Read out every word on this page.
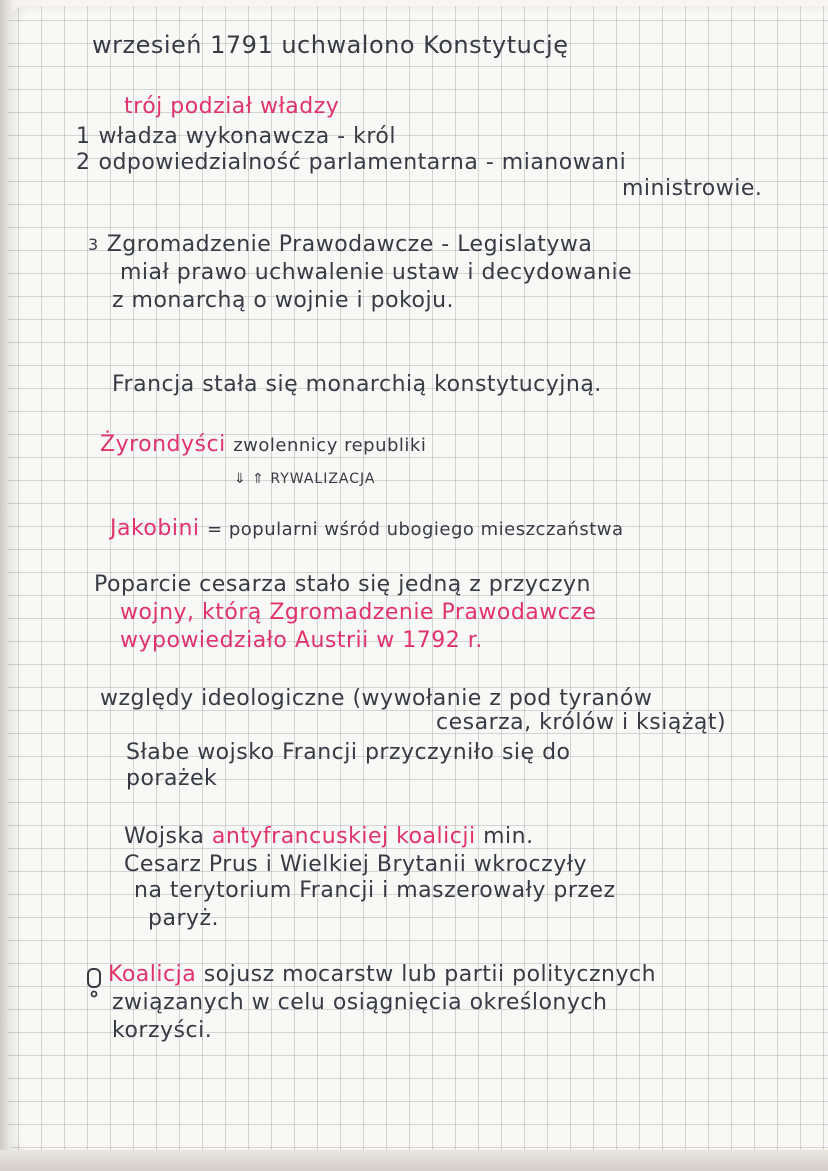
wrzesień 1791 uchwalono Konstytucję
trój podział władzy
1 władza wykonawcza - król
2 odpowiedzialność parlamentarna - mianowani
ministrowie.
$^3$ Zgromadzenie Prawodawcze - Legislatywa
miał prawo uchwalenie ustaw i decydowanie
z monarchą o wojnie i pokoju.
Francja stała się monarchią konstytucyjną.
Żyrondyści zwolennicy republiki
⇓ ⇑ RYWALIZACJA
Jakobini = popularni wśród ubogiego mieszczaństwa
Poparcie cesarza stało się jedną z przyczyn
wojny, którą Zgromadzenie Prawodawcze
wypowiedziało Austrii w 1792 r.
względy ideologiczne (wywołanie z pod tyranów
cesarza, królów i książąt)
Słabe wojsko Francji przyczyniło się do
porażek
Wojska antyfrancuskiej koalicji min.
Cesarz Prus i Wielkiej Brytanii wkroczyły
na terytorium Francji i maszerowały przez
paryż.
Koalicja sojusz mocarstw lub partii politycznych
związanych w celu osiągnięcia określonych
korzyści.
